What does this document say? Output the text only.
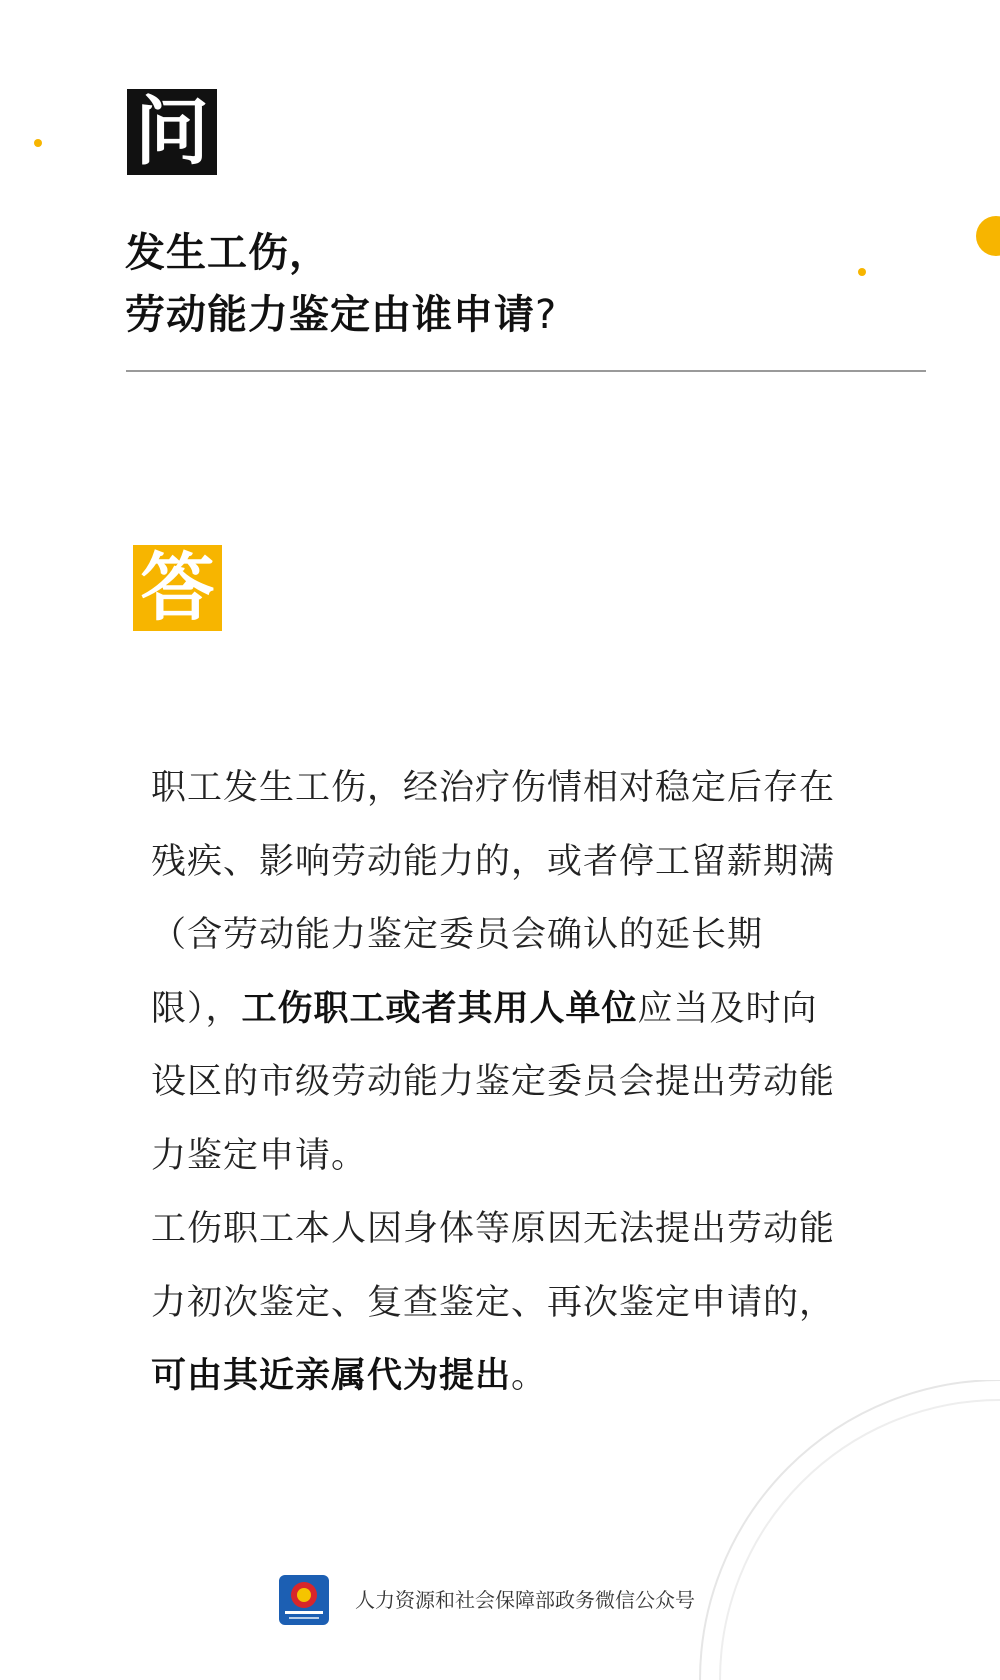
问
发生工伤，
劳动能力鉴定由谁申请?
答

职工发生工伤，经治疗伤情相对稳定后存在残疾、影响劳动能力的，或者停工留薪期满（含劳动能力鉴定委员会确认的延长期限），工伤职工或者其用人单位应当及时向设区的市级劳动能力鉴定委员会提出劳动能力鉴定申请。

工伤职工本人因身体等原因无法提出劳动能力初次鉴定、复查鉴定、再次鉴定申请的，可由其近亲属代为提出。

人力资源和社会保障部政务微信公众号
